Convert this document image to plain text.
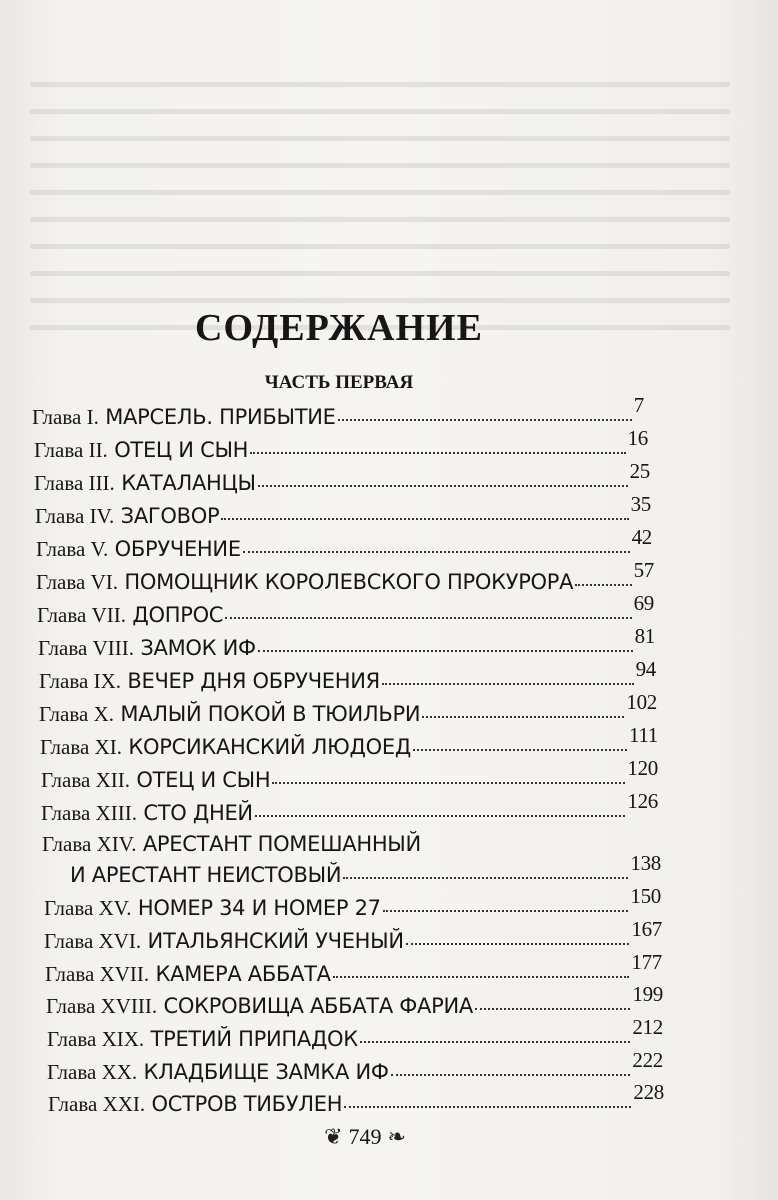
СОДЕРЖАНИЕ
ЧАСТЬ ПЕРВАЯ
Глава I. МАРСЕЛЬ. ПРИБЫТИЕ	7
Глава II. ОТЕЦ И СЫН	16
Глава III. КАТАЛАНЦЫ	25
Глава IV. ЗАГОВОР	35
Глава V. ОБРУЧЕНИЕ	42
Глава VI. ПОМОЩНИК КОРОЛЕВСКОГО ПРОКУРОРА	57
Глава VII. ДОПРОС	69
Глава VIII. ЗАМОК ИФ	81
Глава IX. ВЕЧЕР ДНЯ ОБРУЧЕНИЯ	94
Глава X. МАЛЫЙ ПОКОЙ В ТЮИЛЬРИ	102
Глава XI. КОРСИКАНСКИЙ ЛЮДОЕД	111
Глава XII. ОТЕЦ И СЫН	120
Глава XIII. СТО ДНЕЙ	126
Глава XIV. АРЕСТАНТ ПОМЕШАННЫЙ
И АРЕСТАНТ НЕИСТОВЫЙ	138
Глава XV. НОМЕР 34 И НОМЕР 27	150
Глава XVI. ИТАЛЬЯНСКИЙ УЧЕНЫЙ	167
Глава XVII. КАМЕРА АББАТА	177
Глава XVIII. СОКРОВИЩА АББАТА ФАРИА	199
Глава XIX. ТРЕТИЙ ПРИПАДОК	212
Глава XX. КЛАДБИЩЕ ЗАМКА ИФ	222
Глава XXI. ОСТРОВ ТИБУЛЕН	228
❦ 749 ❧
